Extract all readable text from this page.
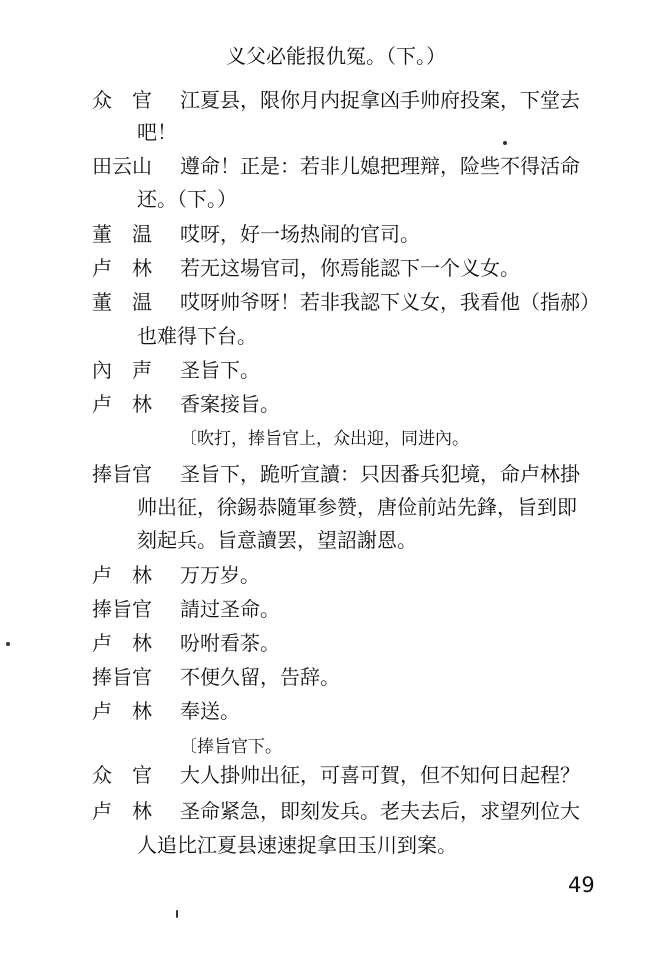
义父必能报仇冤。（下。）
众　官 江夏县，限你月内捉拿凶手帅府投案，下堂去
吧！
田云山 遵命！正是：若非儿媳把理辩，险些不得活命
还。（下。）
董　温 哎呀，好一场热闹的官司。
卢　林 若无这場官司，你焉能認下一个义女。
董　温 哎呀帅爷呀！若非我認下义女，我看他（指郝）
也难得下台。
內　声 圣旨下。
卢　林 香案接旨。
〔吹打，捧旨官上，众出迎，同进內。
捧旨官 圣旨下，跪听宣讀：只因番兵犯境，命卢林掛
帅出征，徐錫恭隨軍参赞，唐俭前站先鋒，旨到即
刻起兵。旨意讀罢，望詔謝恩。
卢　林 万万岁。
捧旨官 請过圣命。
卢　林 吩咐看茶。
捧旨官 不便久留，告辞。
卢　林 奉送。
〔捧旨官下。
众　官 大人掛帅出征，可喜可賀，但不知何日起程？
卢　林 圣命紧急，即刻发兵。老夫去后，求望列位大
人追比江夏县速速捉拿田玉川到案。
49
